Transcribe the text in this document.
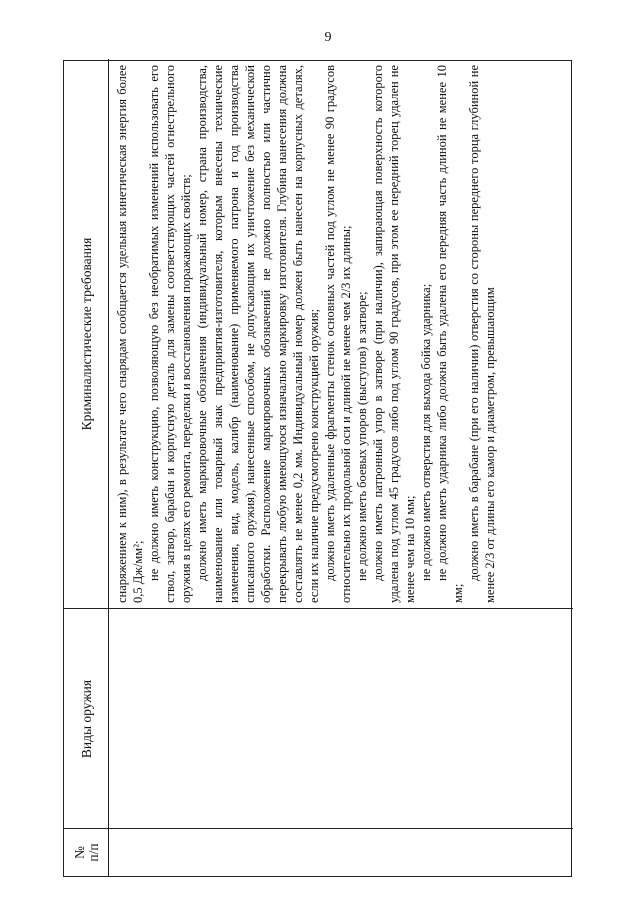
9
№ п/п
Виды оружия
Криминалистические требования	снаряжением к ним), в результате чего снарядам сообщается удельная кинетическая энергия более 0,5 Дж/мм²; не должно иметь конструкцию, позволяющую без необратимых изменений использовать его ствол, затвор, барабан и корпусную деталь для замены соответствующих частей огнестрельного оружия в целях его ремонта, переделки и восстановления поражающих свойств; должно иметь маркировочные обозначения (индивидуальный номер, страна производства, наименование или товарный знак предприятия-изготовителя, которым внесены технические изменения, вид, модель, калибр (наименование) применяемого патрона и год производства списанного оружия), нанесенные способом, не допускающим их уничтожение без механической обработки. Расположение маркировочных обозначений не должно полностью или частично перекрывать любую имеющуюся изначально маркировку изготовителя. Глубина нанесения должна составлять не менее 0,2 мм. Индивидуальный номер должен быть нанесен на корпусных деталях, если их наличие предусмотрено конструкцией оружия; должно иметь удаленные фрагменты стенок основных частей под углом не менее 90 градусов относительно их продольной оси и длиной не менее чем 2/3 их длины; не должно иметь боевых упоров (выступов) в затворе; должно иметь патронный упор в затворе (при наличии), запирающая поверхность которого удалена под углом 45 градусов либо под углом 90 градусов, при этом ее передний торец удален не менее чем на 10 мм; не должно иметь отверстия для выхода бойка ударника; не должно иметь ударника либо должна быть удалена его передняя часть длиной не менее 10 мм;

должно иметь в барабане (при его наличии) отверстия со стороны переднего торца глубиной не менее 2/3 от длины его камор и диаметром, превышающим
